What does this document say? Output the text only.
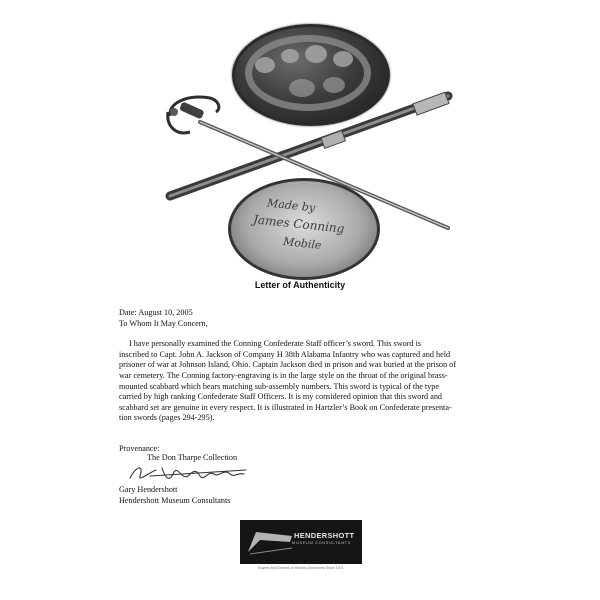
Made by
James Conning
Mobile
Letter of Authenticity

Date: August 10, 2005

To Whom It May Concern,

I have personally examined the Conning Confederate Staff officer’s sword. This sword is
inscribed to Capt. John A. Jackson of Company H 38th Alabama Infantry who was captured and held
prisoner of war at Johnson Island, Ohio. Captain Jackson died in prison and was buried at the prison of
war cemetery. The Conning factory-engraving is in the large style on the throat of the original brass-
mounted scabbard which bears matching sub-assembly numbers. This sword is typical of the type
carried by high ranking Confederate Staff Officers. It is my considered opinion that this sword and
scabbard set are genuine in every respect. It is illustrated in Hartzler’s Book on Confederate presenta-
tion swords (pages 294-295).

Provenance:
The Don Tharpe Collection
Gary Hendershott
Hendershott Museum Consultants
HENDERSHOTT
MUSEUM CONSULTANTS
Buyers and Brokers of Historic Americana Since 1971
